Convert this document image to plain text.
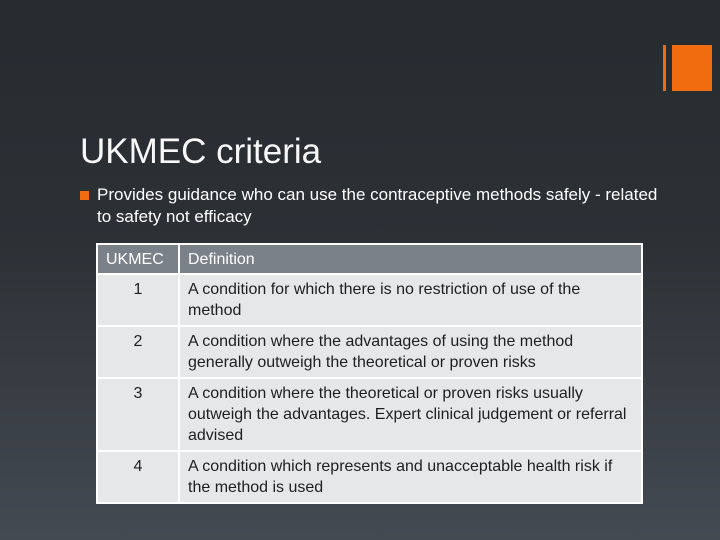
UKMEC criteria
Provides guidance who can use the contraceptive methods safely - related to safety not efficacy
UKMEC	Definition
1	A condition for which there is no restriction of use of the method
2	A condition where the advantages of using the method generally outweigh the theoretical or proven risks
3	A condition where the theoretical or proven risks usually outweigh the advantages. Expert clinical judgement or referral advised
4	A condition which represents and unacceptable health risk if the method is used
